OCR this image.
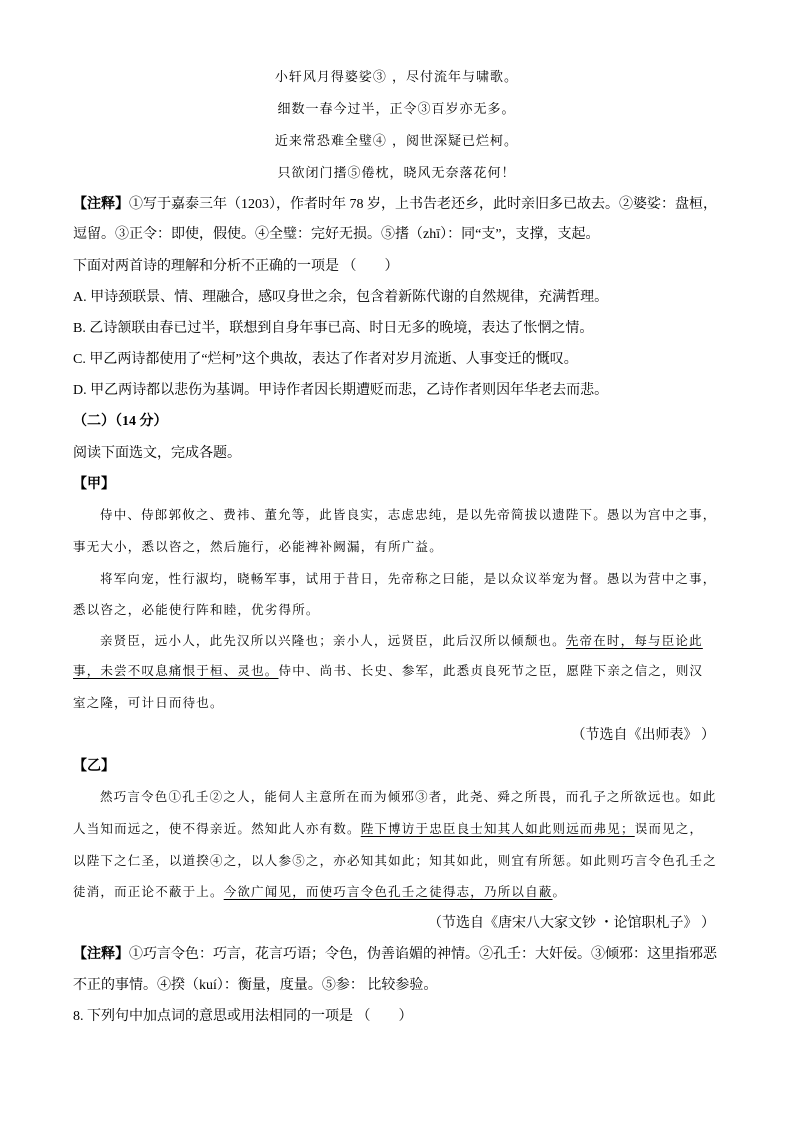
小轩风月得婆娑③ ，尽付流年与啸歌。
细数一春今过半，正令③百岁亦无多。
近来常恐难全璧④ ，阅世深疑已烂柯。
只欲闭门搘⑤倦枕，晓风无奈落花何！
【注释】①写于嘉泰三年（1203），作者时年 78 岁，上书告老还乡，此时亲旧多已故去。②婆娑：盘桓，
逗留。③正令：即使，假使。④全璧：完好无损。⑤搘（zhī）：同“支”，支撑，支起。
下面对两首诗的理解和分析不正确的一项是 （　　）
A. 甲诗颈联景、情、理融合，感叹身世之余，包含着新陈代谢的自然规律，充满哲理。
B. 乙诗颔联由春已过半，联想到自身年事已高、时日无多的晚境，表达了怅惘之情。
C. 甲乙两诗都使用了“烂柯”这个典故，表达了作者对岁月流逝、人事变迁的慨叹。
D. 甲乙两诗都以悲伤为基调。甲诗作者因长期遭贬而悲，乙诗作者则因年华老去而悲。
（二）（14 分）
阅读下面选文，完成各题。
【甲】
侍中、侍郎郭攸之、费祎、董允等，此皆良实，志虑忠纯，是以先帝简拔以遗陛下。愚以为宫中之事，
事无大小，悉以咨之，然后施行，必能裨补阙漏，有所广益。
将军向宠，性行淑均，晓畅军事，试用于昔日，先帝称之曰能，是以众议举宠为督。愚以为营中之事，
悉以咨之，必能使行阵和睦，优劣得所。
亲贤臣，远小人，此先汉所以兴隆也；亲小人，远贤臣，此后汉所以倾颓也。先帝在时，每与臣论此
事，未尝不叹息痛恨于桓、灵也。侍中、尚书、长史、参军，此悉贞良死节之臣，愿陛下亲之信之，则汉
室之隆，可计日而待也。
（节选自《出师表》 ）
【乙】
然巧言令色①孔壬②之人，能伺人主意所在而为倾邪③者，此尧、舜之所畏，而孔子之所欲远也。如此
人当知而远之，使不得亲近。然知此人亦有数。陛下博访于忠臣良士知其人如此则远而弗见；误而见之，
以陛下之仁圣，以道揆④之，以人参⑤之，亦必知其如此；知其如此，则宜有所惩。如此则巧言令色孔壬之
徒消，而正论不蔽于上。今欲广闻见，而使巧言令色孔壬之徒得志，乃所以自蔽。
（节选自《唐宋八大家文钞 ・论馆职札子》 ）
【注释】①巧言令色：巧言，花言巧语；令色，伪善谄媚的神情。②孔壬：大奸佞。③倾邪：这里指邪恶
不正的事情。④揆（kuí）：衡量，度量。⑤参： 比较参验。
8. 下列句中加点词的意思或用法相同的一项是 （　　）
